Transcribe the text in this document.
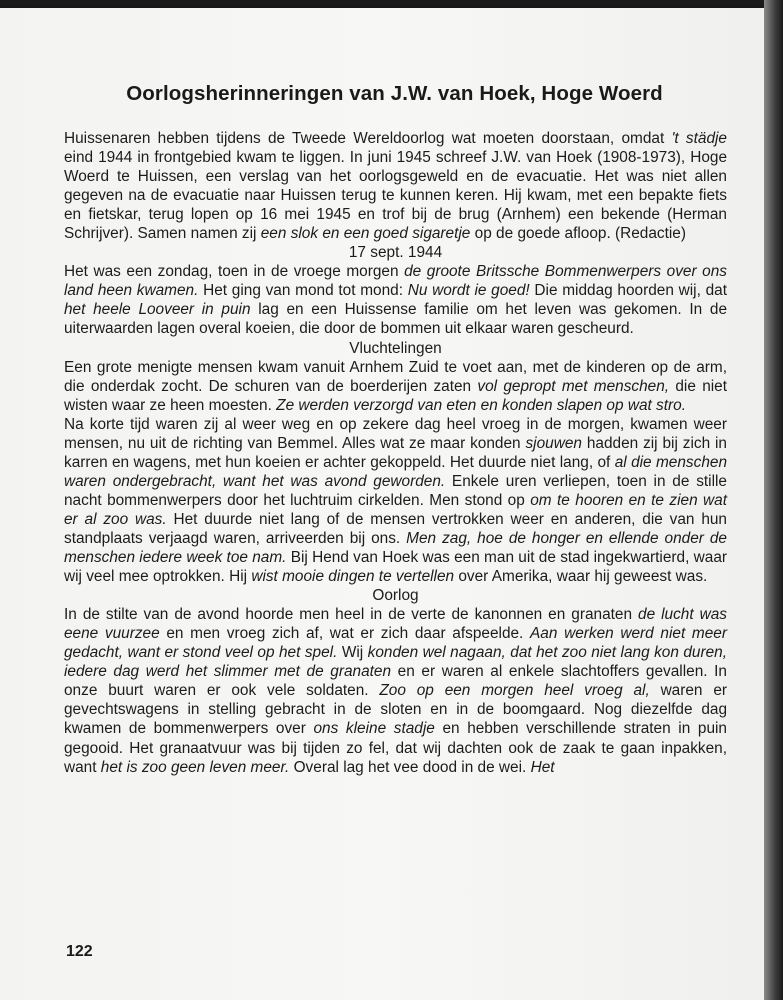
Oorlogsherinneringen van J.W. van Hoek, Hoge Woerd

Huissenaren hebben tijdens de Tweede Wereldoorlog wat moeten doorstaan, omdat 't städje eind 1944 in frontgebied kwam te liggen. In juni 1945 schreef J.W. van Hoek (1908-1973), Hoge Woerd te Huissen, een verslag van het oorlogsgeweld en de evacuatie. Het was niet allen gegeven na de evacuatie naar Huissen terug te kunnen keren. Hij kwam, met een bepakte fiets en fietskar, terug lopen op 16 mei 1945 en trof bij de brug (Arnhem) een bekende (Herman Schrijver). Samen namen zij een slok en een goed sigaretje op de goede afloop. (Redactie)

17 sept. 1944

Het was een zondag, toen in de vroege morgen de groote Britssche Bommenwerpers over ons land heen kwamen. Het ging van mond tot mond: Nu wordt ie goed! Die middag hoorden wij, dat het heele Looveer in puin lag en een Huissense familie om het leven was gekomen. In de uiterwaarden lagen overal koeien, die door de bommen uit elkaar waren gescheurd.

Vluchtelingen

Een grote menigte mensen kwam vanuit Arnhem Zuid te voet aan, met de kinderen op de arm, die onderdak zocht. De schuren van de boerderijen zaten vol gepropt met menschen, die niet wisten waar ze heen moesten. Ze werden verzorgd van eten en konden slapen op wat stro.

Na korte tijd waren zij al weer weg en op zekere dag heel vroeg in de morgen, kwamen weer mensen, nu uit de richting van Bemmel. Alles wat ze maar konden sjouwen hadden zij bij zich in karren en wagens, met hun koeien er achter gekoppeld. Het duurde niet lang, of al die menschen waren ondergebracht, want het was avond geworden. Enkele uren verliepen, toen in de stille nacht bommenwerpers door het luchtruim cirkelden. Men stond op om te hooren en te zien wat er al zoo was. Het duurde niet lang of de mensen vertrokken weer en anderen, die van hun standplaats verjaagd waren, arriveerden bij ons. Men zag, hoe de honger en ellende onder de menschen iedere week toe nam. Bij Hend van Hoek was een man uit de stad ingekwartierd, waar wij veel mee optrokken. Hij wist mooie dingen te vertellen over Amerika, waar hij geweest was.

Oorlog

In de stilte van de avond hoorde men heel in de verte de kanonnen en granaten de lucht was eene vuurzee en men vroeg zich af, wat er zich daar afspeelde. Aan werken werd niet meer gedacht, want er stond veel op het spel. Wij konden wel nagaan, dat het zoo niet lang kon duren, iedere dag werd het slimmer met de granaten en er waren al enkele slachtoffers gevallen. In onze buurt waren er ook vele soldaten. Zoo op een morgen heel vroeg al, waren er gevechtswagens in stelling gebracht in de sloten en in de boomgaard. Nog diezelfde dag kwamen de bommenwerpers over ons kleine stadje en hebben verschillende straten in puin gegooid. Het granaatvuur was bij tijden zo fel, dat wij dachten ook de zaak te gaan inpakken, want het is zoo geen leven meer. Overal lag het vee dood in de wei. Het

122
